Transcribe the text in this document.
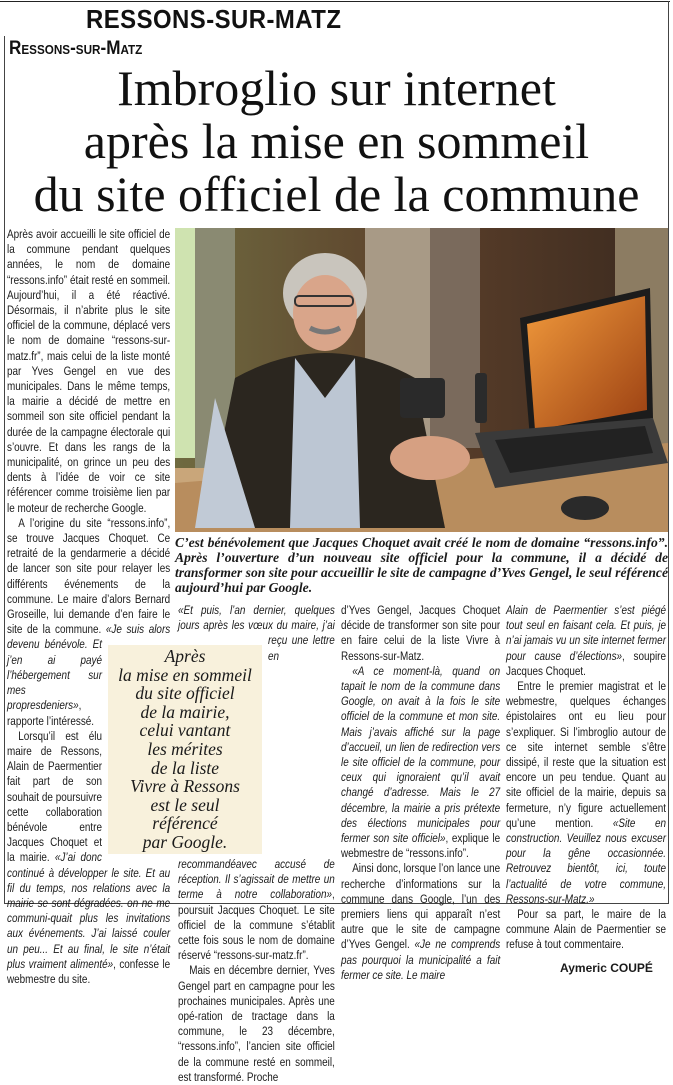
RESSONS-SUR-MATZ
Ressons-sur-Matz
Imbroglio sur internet
après la mise en sommeil
du site officiel de la commune
C’est bénévolement que Jacques Choquet avait créé le nom de domaine “ressons.info”. Après l’ouverture d’un nouveau site officiel pour la commune, il a décidé de transformer son site pour accueillir le site de campagne d’Yves Gengel, le seul référencé aujourd’hui par Google.

Après avoir accueilli le site officiel de la commune pendant quelques années, le nom de domaine “ressons.info” était resté en sommeil. Aujourd’hui, il a été réactivé. Désormais, il n’abrite plus le site officiel de la commune, déplacé vers le nom de domaine “ressons-sur-matz.fr”, mais celui de la liste monté par Yves Gengel en vue des municipales. Dans le même temps, la mairie a décidé de mettre en sommeil son site officiel pendant la durée de la campagne électorale qui s’ouvre. Et dans les rangs de la municipalité, on grince un peu des dents à l’idée de voir ce site référencer comme troisième lien par le moteur de recherche Google.

A l’origine du site “ressons.info”, se trouve Jacques Choquet. Ce retraité de la gendarmerie a décidé de lancer son site pour relayer les différents événements de la commune. Le maire d’alors Bernard Groseille, lui demande d’en faire le site de la commune. «Je suis alors devenu bénévole. Et j’en ai payé l’hébergement sur mes propresdeniers», rapporte l’intéressé.

Lorsqu’il est élu maire de Ressons, Alain de Paermentier fait part de son souhait de poursuivre cette collaboration bénévole entre Jacques Choquet et la mairie. «J’ai donc continué à développer le site. Et au fil du temps, nos relations avec la mairie se sont dégradées. on ne me communi-quait plus les invitations aux événements. J’ai laissé couler un peu... Et au final, le site n’était plus vraiment alimenté», confesse le webmestre du site.

«Et puis, l’an dernier, quelques jours après les vœux du maire, j’ai reçu une lettre en recommandéavec accusé de réception. Il s’agissait de mettre un terme à notre collaboration», poursuit Jacques Choquet. Le site officiel de la commune s’établit cette fois sous le nom de domaine réservé “ressons-sur-matz.fr”.

Mais en décembre dernier, Yves Gengel part en campagne pour les prochaines municipales. Après une opé-ration de tractage dans la commune, le 23 décembre, “ressons.info”, l’ancien site officiel de la commune resté en sommeil, est transformé. Proche

d’Yves Gengel, Jacques Choquet décide de transformer son site pour en faire celui de la liste Vivre à Ressons-sur-Matz.

«A ce moment-là, quand on tapait le nom de la commune dans Google, on avait à la fois le site officiel de la commune et mon site. Mais j’avais affiché sur la page d’accueil, un lien de redirection vers le site officiel de la commune, pour ceux qui ignoraient qu’il avait changé d’adresse. Mais le 27 décembre, la mairie a pris prétexte des élections municipales pour fermer son site officiel», explique le webmestre de “ressons.info”.

Ainsi donc, lorsque l’on lance une recherche d’informations sur la commune dans Google, l’un des premiers liens qui apparaît n’est autre que le site de campagne d’Yves Gengel. «Je ne comprends pas pourquoi la municipalité a fait fermer ce site. Le maire

Alain de Paermentier s’est piégé tout seul en faisant cela. Et puis, je n’ai jamais vu un site internet fermer pour cause d’élections», soupire Jacques Choquet.

Entre le premier magistrat et le webmestre, quelques échanges épistolaires ont eu lieu pour s’expliquer. Si l’imbroglio autour de ce site internet semble s’être dissipé, il reste que la situation est encore un peu tendue. Quant au site officiel de la mairie, depuis sa fermeture, n’y figure actuellement qu’une mention. «Site en construction. Veuillez nous excuser pour la gêne occasionnée. Retrouvez bientôt, ici, toute l’actualité de votre commune, Ressons-sur-Matz.»

Pour sa part, le maire de la commune Alain de Paermentier se refuse à tout commentaire.

Après
la mise en sommeil
du site officiel
de la mairie,
celui vantant
les mérites
de la liste
Vivre à Ressons
est le seul
référencé
par Google.
Aymeric COUPÉ
